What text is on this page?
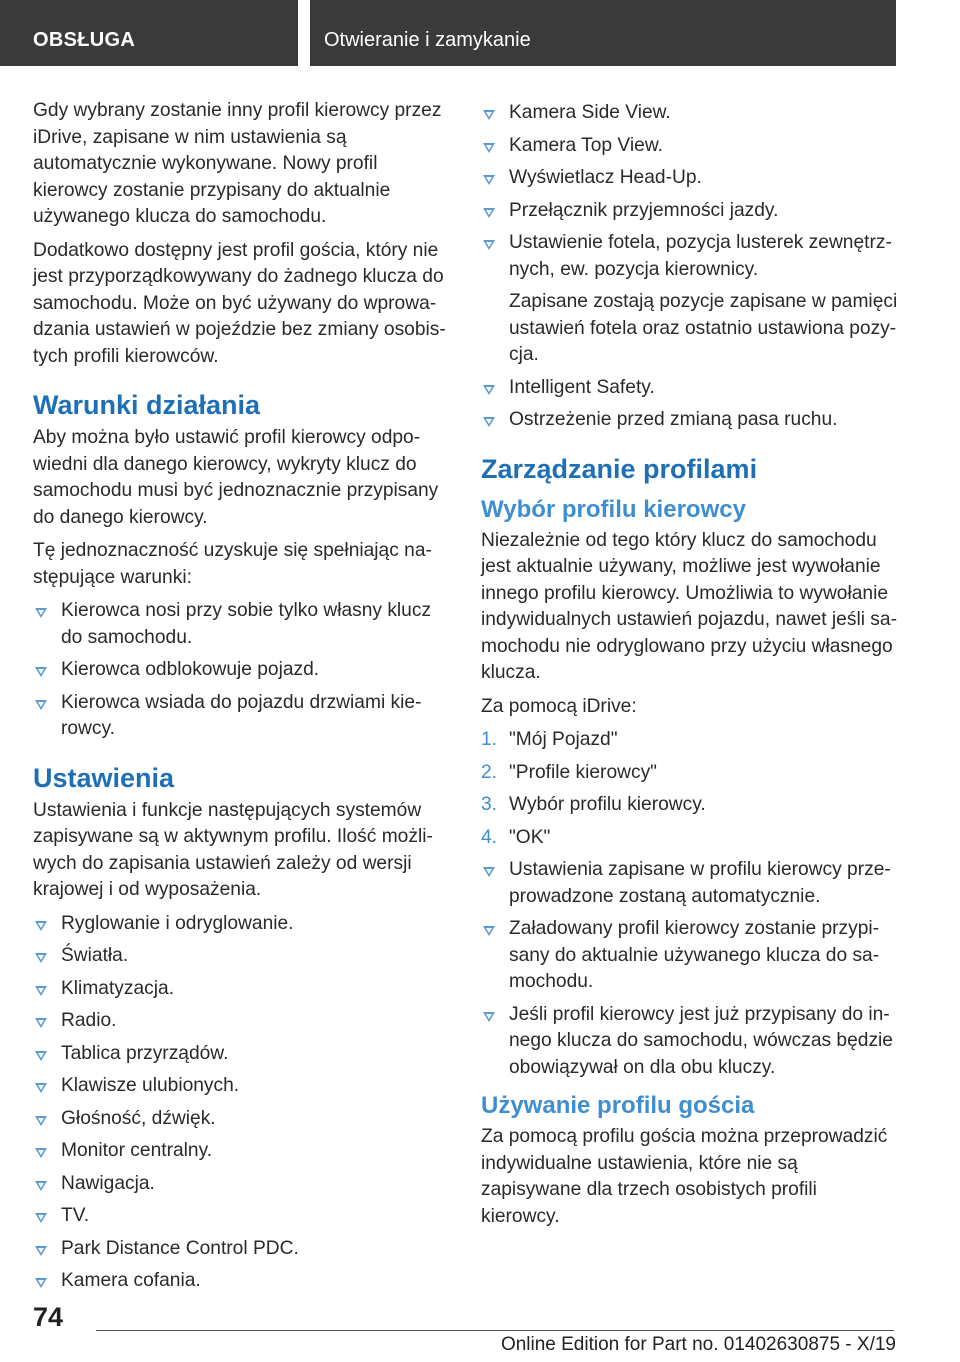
OBSŁUGA	Otwieranie i zamykanie

Gdy wybrany zostanie inny profil kierowcy przez iDrive, zapisane w nim ustawienia są automatycznie wykonywane. Nowy profil kierowcy zostanie przypisany do aktualnie używanego klucza do samochodu.

Dodatkowo dostępny jest profil gościa, który nie jest przyporządkowywany do żadnego klucza do samochodu. Może on być używany do wprowadzania ustawień w pojeździe bez zmiany osobistych profili kierowców.

Warunki działania

Aby można było ustawić profil kierowcy odpowiedni dla danego kierowcy, wykryty klucz do samochodu musi być jednoznacznie przypisany do danego kierowcy.

Tę jednoznaczność uzyskuje się spełniając następujące warunki:

Kierowca nosi przy sobie tylko własny klucz do samochodu.
Kierowca odblokowuje pojazd.
Kierowca wsiada do pojazdu drzwiami kierowcy.
Ustawienia

Ustawienia i funkcje następujących systemów zapisywane są w aktywnym profilu. Ilość możliwych do zapisania ustawień zależy od wersji krajowej i od wyposażenia.

Ryglowanie i odryglowanie.
Światła.
Klimatyzacja.
Radio.
Tablica przyrządów.
Klawisze ulubionych.
Głośność, dźwięk.
Monitor centralny.
Nawigacja.
TV.
Park Distance Control PDC.
Kamera cofania.
Kamera Side View.
Kamera Top View.
Wyświetlacz Head-Up.
Przełącznik przyjemności jazdy.
Ustawienie fotela, pozycja lusterek zewnętrznych, ew. pozycja kierownicy.

Zapisane zostają pozycje zapisane w pamięci ustawień fotela oraz ostatnio ustawiona pozycja.

Intelligent Safety.
Ostrzeżenie przed zmianą pasa ruchu.
Zarządzanie profilami
Wybór profilu kierowcy

Niezależnie od tego który klucz do samochodu jest aktualnie używany, możliwe jest wywołanie innego profilu kierowcy. Umożliwia to wywołanie indywidualnych ustawień pojazdu, nawet jeśli samochodu nie odryglowano przy użyciu własnego klucza.

Za pomocą iDrive:

1. "Mój Pojazd"
2. "Profile kierowcy"
3. Wybór profilu kierowcy.
4. "OK"
Ustawienia zapisane w profilu kierowcy przeprowadzone zostaną automatycznie.
Załadowany profil kierowcy zostanie przypisany do aktualnie używanego klucza do samochodu.
Jeśli profil kierowcy jest już przypisany do innego klucza do samochodu, wówczas będzie obowiązywał on dla obu kluczy.
Używanie profilu gościa

Za pomocą profilu gościa można przeprowadzić indywidualne ustawienia, które nie są zapisywane dla trzech osobistych profili kierowcy.

74
Online Edition for Part no. 01402630875 - X/19
